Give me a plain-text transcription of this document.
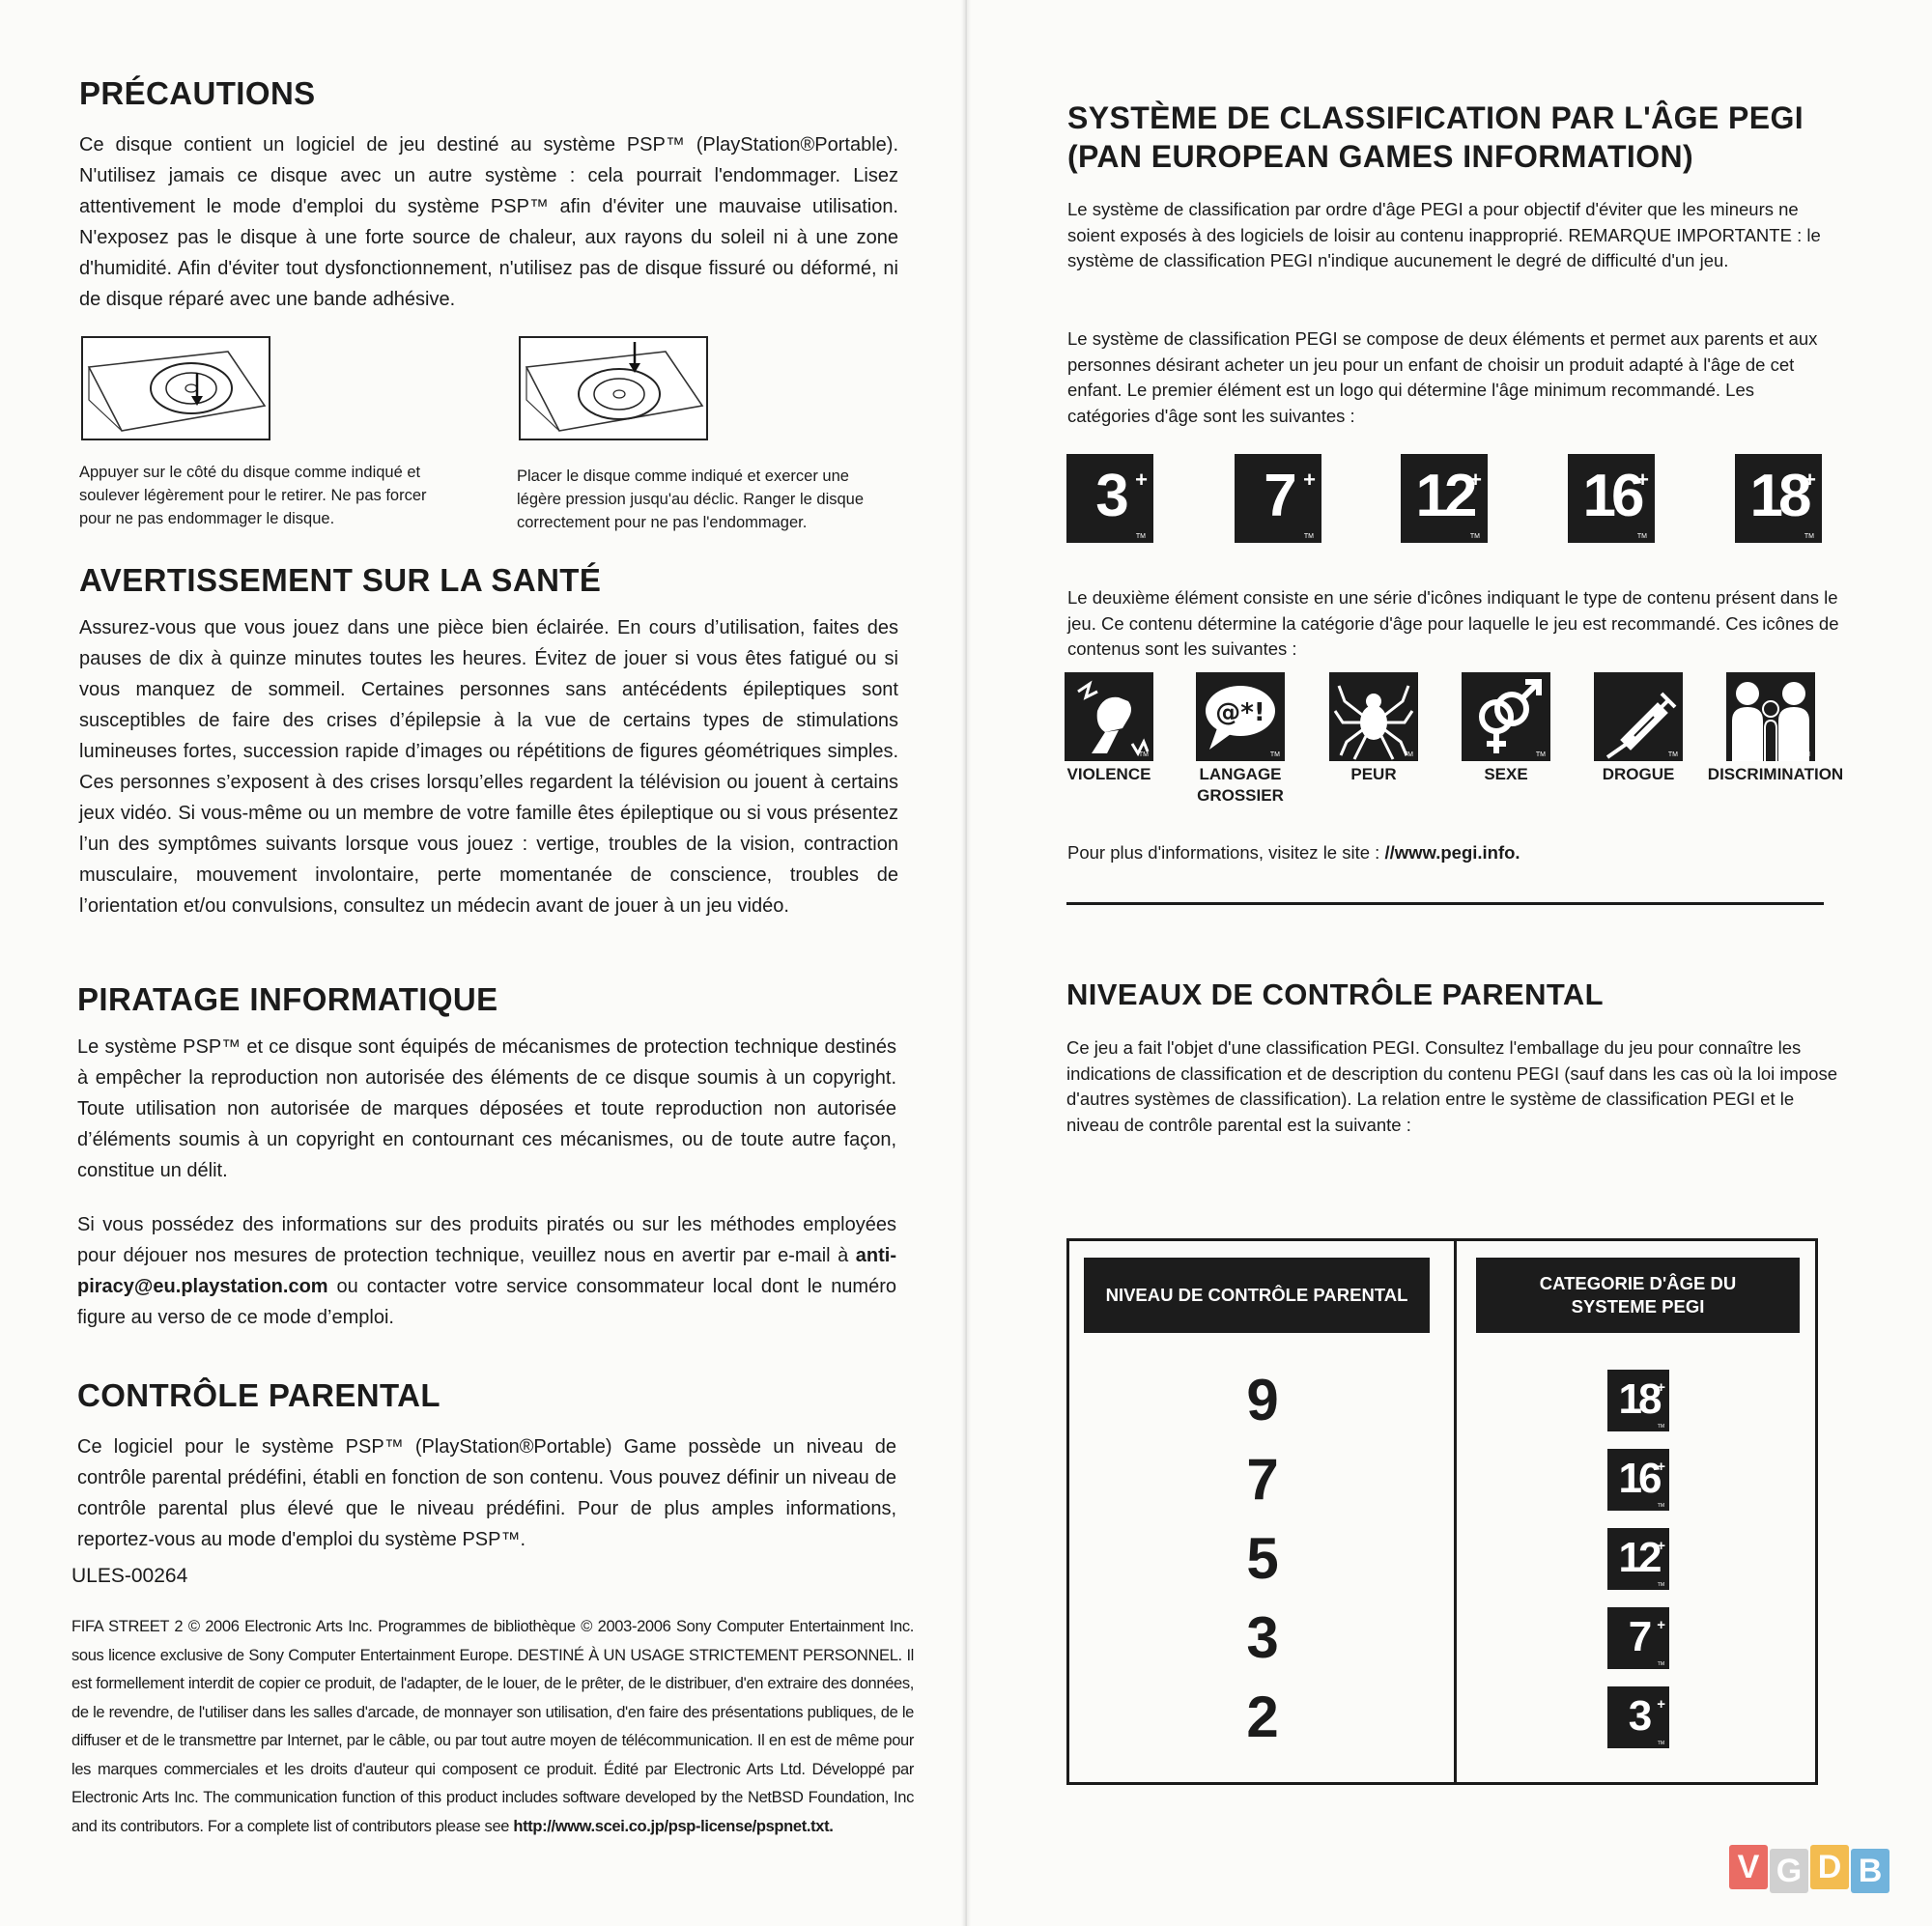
PRÉCAUTIONS

Ce disque contient un logiciel de jeu destiné au système PSP™ (PlayStation®Portable). N'utilisez jamais ce disque avec un autre système : cela pourrait l'endommager. Lisez attentivement le mode d'emploi du système PSP™ afin d'éviter une mauvaise utilisation. N'exposez pas le disque à une forte source de chaleur, aux rayons du soleil ni à une zone d'humidité. Afin d'éviter tout dysfonctionnement, n'utilisez pas de disque fissuré ou déformé, ni de disque réparé avec une bande adhésive.

Appuyer sur le côté du disque comme indiqué et soulever légèrement pour le retirer. Ne pas forcer pour ne pas endommager le disque.

Placer le disque comme indiqué et exercer une légère pression jusqu'au déclic. Ranger le disque correctement pour ne pas l'endommager.

AVERTISSEMENT SUR LA SANTÉ

Assurez-vous que vous jouez dans une pièce bien éclairée. En cours d’utilisation, faites des pauses de dix à quinze minutes toutes les heures. Évitez de jouer si vous êtes fatigué ou si vous manquez de sommeil. Certaines personnes sans antécédents épileptiques sont susceptibles de faire des crises d’épilepsie à la vue de certains types de stimulations lumineuses fortes, succession rapide d’images ou répétitions de figures géométriques simples. Ces personnes s’exposent à des crises lorsqu’elles regardent la télévision ou jouent à certains jeux vidéo. Si vous-même ou un membre de votre famille êtes épileptique ou si vous présentez l’un des symptômes suivants lorsque vous jouez : vertige, troubles de la vision, contraction musculaire, mouvement involontaire, perte momentanée de conscience, troubles de l’orientation et/ou convulsions, consultez un médecin avant de jouer à un jeu vidéo.

PIRATAGE INFORMATIQUE

Le système PSP™ et ce disque sont équipés de mécanismes de protection technique destinés à empêcher la reproduction non autorisée des éléments de ce disque soumis à un copyright. Toute utilisation non autorisée de marques déposées et toute reproduction non autorisée d’éléments soumis à un copyright en contournant ces mécanismes, ou de toute autre façon, constitue un délit.

Si vous possédez des informations sur des produits piratés ou sur les méthodes employées pour déjouer nos mesures de protection technique, veuillez nous en avertir par e-mail à anti-piracy@eu.playstation.com ou contacter votre service consommateur local dont le numéro figure au verso de ce mode d’emploi.

CONTRÔLE PARENTAL

Ce logiciel pour le système PSP™ (PlayStation®Portable) Game possède un niveau de contrôle parental prédéfini, établi en fonction de son contenu. Vous pouvez définir un niveau de contrôle parental plus élevé que le niveau prédéfini. Pour de plus amples informations, reportez-vous au mode d'emploi du système PSP™.

ULES-00264

FIFA STREET 2 © 2006 Electronic Arts Inc. Programmes de bibliothèque © 2003-2006 Sony Computer Entertainment Inc. sous licence exclusive de Sony Computer Entertainment Europe. DESTINÉ À UN USAGE STRICTEMENT PERSONNEL. Il est formellement interdit de copier ce produit, de l'adapter, de le louer, de le prêter, de le distribuer, d'en extraire des données, de le revendre, de l'utiliser dans les salles d'arcade, de monnayer son utilisation, d'en faire des présentations publiques, de le diffuser et de le transmettre par Internet, par le câble, ou par tout autre moyen de télécommunication. Il en est de même pour les marques commerciales et les droits d'auteur qui composent ce produit. Édité par Electronic Arts Ltd. Développé par Electronic Arts Inc. The communication function of this product includes software developed by the NetBSD Foundation, Inc and its contributors. For a complete list of contributors please see http://www.scei.co.jp/psp-license/pspnet.txt.

SYSTÈME DE CLASSIFICATION PAR L'ÂGE PEGI
(PAN EUROPEAN GAMES INFORMATION)

Le système de classification par ordre d'âge PEGI a pour objectif d'éviter que les mineurs ne soient exposés à des logiciels de loisir au contenu inapproprié. REMARQUE IMPORTANTE : le système de classification PEGI n'indique aucunement le degré de difficulté d'un jeu.

Le système de classification PEGI se compose de deux éléments et permet aux parents et aux personnes désirant acheter un jeu pour un enfant de choisir un produit adapté à l'âge de cet enfant. Le premier élément est un logo qui détermine l'âge minimum recommandé. Les catégories d'âge sont les suivantes :

3 +
TM
7 +
TM
12
+
TM
16
+
TM
18
+
TM

Le deuxième élément consiste en une série d'icônes indiquant le type de contenu présent dans le jeu. Ce contenu détermine la catégorie d'âge pour laquelle le jeu est recommandé. Ces icônes de contenus sont les suivantes :

TM
VIOLENCE
@*!
TM
LANGAGE GROSSIER
TM
PEUR
TM
SEXE
TM
DROGUE
TM
DISCRIMINATION

Pour plus d'informations, visitez le site : //www.pegi.info.

NIVEAUX DE CONTRÔLE PARENTAL

Ce jeu a fait l'objet d'une classification PEGI. Consultez l'emballage du jeu pour connaître les indications de classification et de description du contenu PEGI (sauf dans les cas où la loi impose d'autres systèmes de classification). La relation entre le système de classification PEGI et le niveau de contrôle parental est la suivante :

NIVEAU DE CONTRÔLE PARENTAL
CATEGORIE D'ÂGE DU SYSTEME PEGI
9	18
+
TM
7	16
+
TM
5	12
+
TM
3	7 +
TM
2	3 +
TM
V G D B
